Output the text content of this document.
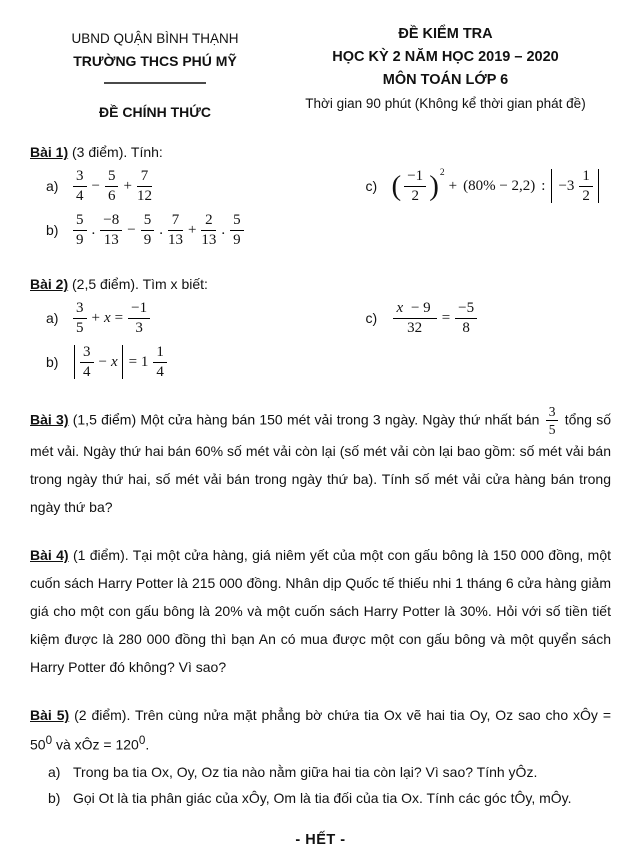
UBND QUẬN BÌNH THẠNH
TRƯỜNG THCS PHÚ MỸ
ĐỀ CHÍNH THỨC
ĐỀ KIỂM TRA
HỌC KỲ 2 NĂM HỌC 2019 – 2020
MÔN TOÁN LỚP 6
Thời gian 90 phút (Không kể thời gian phát đề)
Bài 1) (3 điểm). Tính:
$a) \frac{3}{4} - \frac{5}{6} + \frac{7}{12}$
$b) \frac{5}{9}$ . $\frac{-8}{13} - \frac{5}{9}$ . $\frac{7}{13} + \frac{2}{13}$ . $\frac{5}{9}$
c) ( $\frac{-1}{2}$ ) 2
+ (80% − 2,2) : $-3 \frac{1}{2}$
Bài 2) (2,5 điểm). Tìm x biết:
$a) \frac{3}{5} + x = \frac{-1}{3}$
b)	$\frac{3}{4} - x = 1 \frac{1}{4}$
c)	$\frac{x - 9}{32} = \frac{-5}{8}$

Bài 3) (1,5 điểm) Một cửa hàng bán 150 mét vải trong 3 ngày. Ngày thứ nhất bán $\frac{3}{5}$ tổng số mét vải. Ngày thứ hai bán 60% số mét vải còn lại (số mét vải còn lại bao gồm: số mét vải bán trong ngày thứ hai, số mét vải bán trong ngày thứ ba). Tính số mét vải cửa hàng bán trong ngày thứ ba?

Bài 4) (1 điểm). Tại một cửa hàng, giá niêm yết của một con gấu bông là 150 000 đồng, một cuốn sách Harry Potter là 215 000 đồng. Nhân dịp Quốc tế thiếu nhi 1 tháng 6 cửa hàng giảm giá cho một con gấu bông là 20% và một cuốn sách Harry Potter là 30%. Hỏi với số tiền tiết kiệm được là 280 000 đồng thì bạn An có mua được một con gấu bông và một quyển sách Harry Potter đó không? Vì sao?

Bài 5) (2 điểm). Trên cùng nửa mặt phẳng bờ chứa tia Ox vẽ hai tia Oy, Oz sao cho xÔy = $50^0$ và xÔz = $120^0$.

a) Trong ba tia Ox, Oy, Oz tia nào nằm giữa hai tia còn lại? Vì sao? Tính yÔz.
b) Gọi Ot là tia phân giác của xÔy, Om là tia đối của tia Ox. Tính các góc tÔy, mÔy.
- HẾT -
